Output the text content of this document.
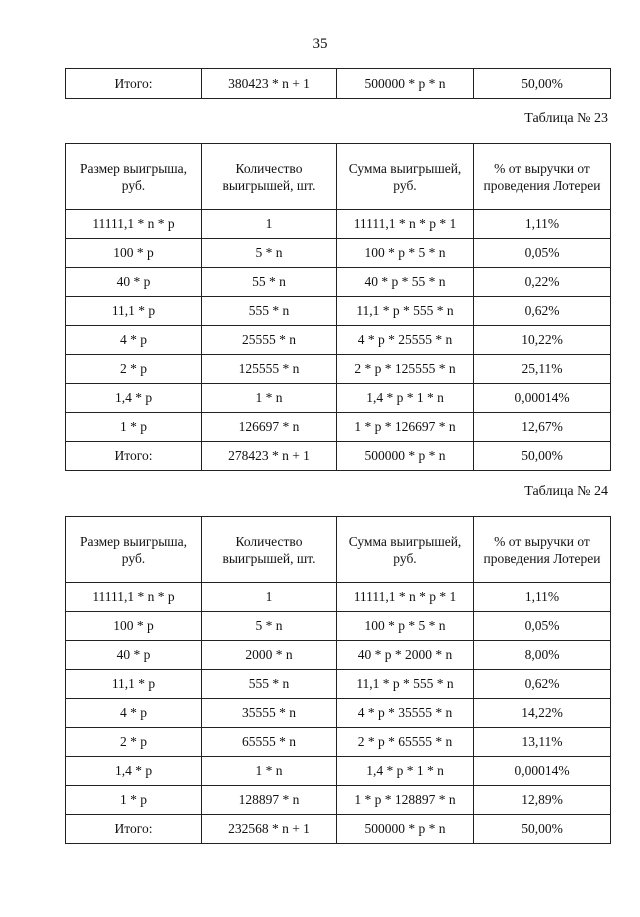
35
Итого:	380423 * n + 1	500000 * p * n	50,00%
Таблица № 23
Размер выигрыша, руб.	Количество выигрышей, шт.	Сумма выигрышей, руб.	% от выручки от проведения Лотереи
11111,1 * n * p	1	11111,1 * n * p * 1	1,11%
100 * p	5 * n	100 * p * 5 * n	0,05%
40 * p	55 * n	40 * p * 55 * n	0,22%
11,1 * p	555 * n	11,1 * p * 555 * n	0,62%
4 * p	25555 * n	4 * p * 25555 * n	10,22%
2 * p	125555 * n	2 * p * 125555 * n	25,11%
1,4 * p	1 * n	1,4 * p * 1 * n	0,00014%
1 * p	126697 * n	1 * p * 126697 * n	12,67%
Итого:	278423 * n + 1	500000 * p * n	50,00%
Таблица № 24
Размер выигрыша, руб.	Количество выигрышей, шт.	Сумма выигрышей, руб.	% от выручки от проведения Лотереи
11111,1 * n * p	1	11111,1 * n * p * 1	1,11%
100 * p	5 * n	100 * p * 5 * n	0,05%
40 * p	2000 * n	40 * p * 2000 * n	8,00%
11,1 * p	555 * n	11,1 * p * 555 * n	0,62%
4 * p	35555 * n	4 * p * 35555 * n	14,22%
2 * p	65555 * n	2 * p * 65555 * n	13,11%
1,4 * p	1 * n	1,4 * p * 1 * n	0,00014%
1 * p	128897 * n	1 * p * 128897 * n	12,89%
Итого:	232568 * n + 1	500000 * p * n	50,00%
